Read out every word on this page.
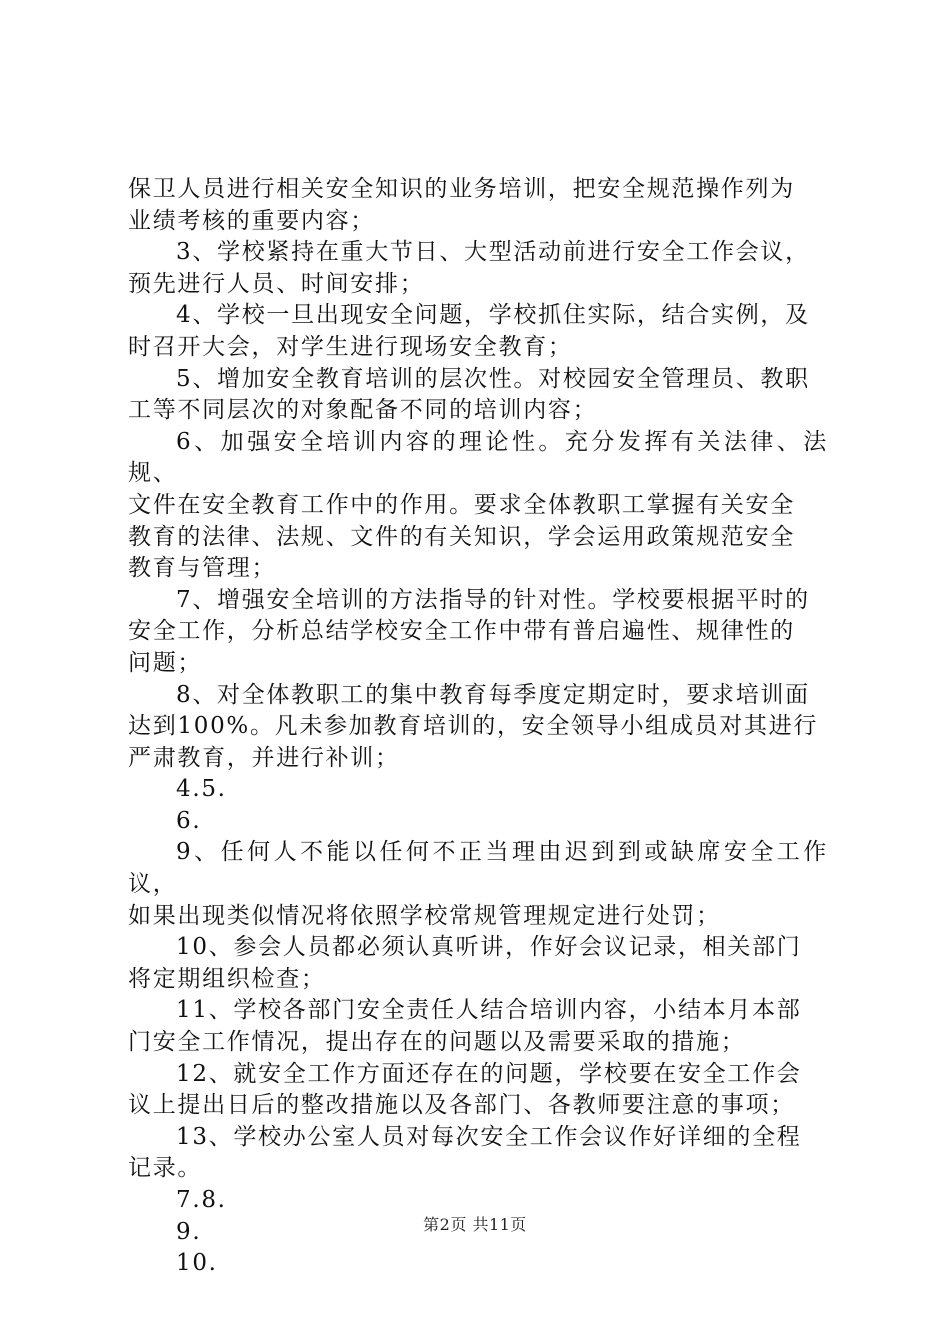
保卫人员进行相关安全知识的业务培训，把安全规范操作列为
业绩考核的重要内容；
3、学校紧持在重大节日、大型活动前进行安全工作会议，
预先进行人员、时间安排；
4、学校一旦出现安全问题，学校抓住实际，结合实例，及
时召开大会，对学生进行现场安全教育；
5、增加安全教育培训的层次性。对校园安全管理员、教职
工等不同层次的对象配备不同的培训内容；
6、加强安全培训内容的理论性。充分发挥有关法律、法规、
文件在安全教育工作中的作用。要求全体教职工掌握有关安全
教育的法律、法规、文件的有关知识，学会运用政策规范安全
教育与管理；
7、增强安全培训的方法指导的针对性。学校要根据平时的
安全工作，分析总结学校安全工作中带有普启遍性、规律性的
问题；
8、对全体教职工的集中教育每季度定期定时，要求培训面
达到100%。凡未参加教育培训的，安全领导小组成员对其进行
严肃教育，并进行补训；
4.5.
6.
9、任何人不能以任何不正当理由迟到到或缺席安全工作议，
如果出现类似情况将依照学校常规管理规定进行处罚；
10、参会人员都必须认真听讲，作好会议记录，相关部门
将定期组织检查；
11、学校各部门安全责任人结合培训内容，小结本月本部
门安全工作情况，提出存在的问题以及需要采取的措施；
12、就安全工作方面还存在的问题，学校要在安全工作会
议上提出日后的整改措施以及各部门、各教师要注意的事项；
13、学校办公室人员对每次安全工作会议作好详细的全程
记录。
7.8.
9.
10.
第2页 共11页
